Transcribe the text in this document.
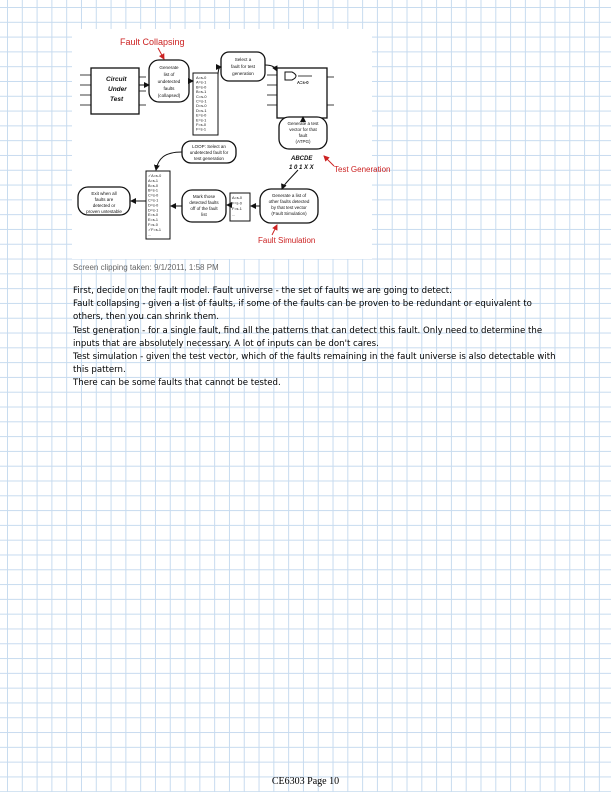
Fault Collapsing
Circuit
Under
Test
Generate
list of
undetected
faults
(collapsed)
A=s-0
A=s-1
B=s-0
B=s-1
C=s-0
C=s-1
D=s-0
D=s-1
E=s-0
E=s-1
F=s-0
F=s-1
...
Select a
fault for test
generation
A=s-0
Generate a test
vector for that
fault
(ATPG)
Test Generation
ABCDE
1 0 1 X X
LOOP: Select an
undetected fault for
test generation
✓A=s-0
A=s-1
B=s-0
B=s-1
C=s-0
C=s-1
D=s-0
D=s-1
E=s-0
E=s-1
F=s-0
✓F=s-1
...
Exit when all
faults are
detected or
proven untestable
Mark those
detected faults
off of the fault
list
A=s-0
F=s-0
F=s-1
...
Generate a list of
other faults detected
by that test vector
(Fault Simulation)
Fault Simulation
Screen clipping taken: 9/1/2011, 1:58 PM

First, decide on the fault model. Fault universe - the set of faults we are going to detect.

Fault collapsing - given a list of faults, if some of the faults can be proven to be redundant or equivalent to others, then you can shrink them.

Test generation - for a single fault, find all the patterns that can detect this fault. Only need to determine the inputs that are absolutely necessary. A lot of inputs can be don't cares.

Test simulation - given the test vector, which of the faults remaining in the fault universe is also detectable with this pattern.

There can be some faults that cannot be tested.

CE6303 Page 10
